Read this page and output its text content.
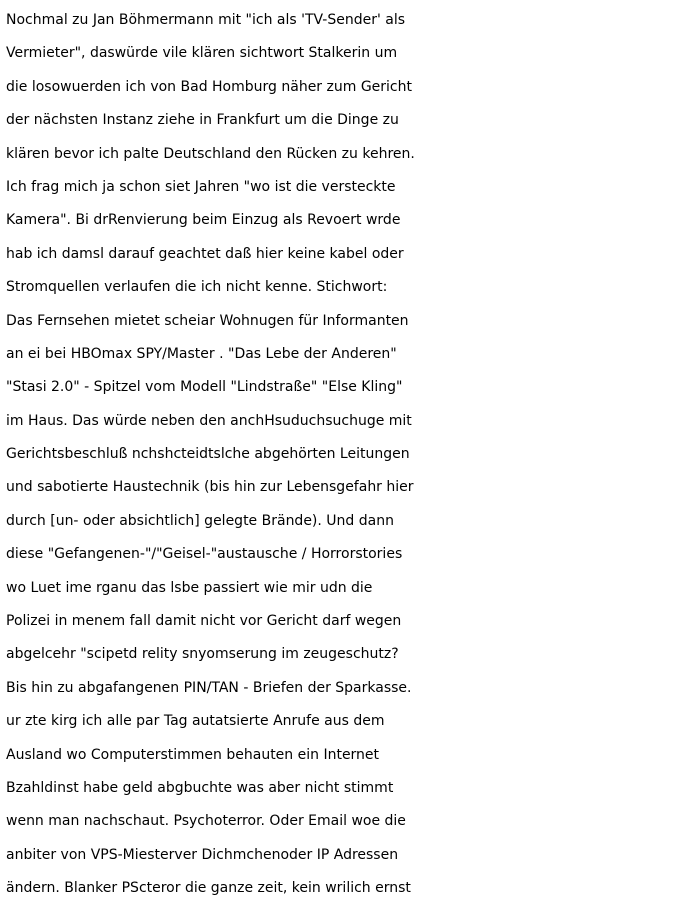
Nochmal zu Jan Böhmermann mit "ich als 'TV-Sender' als
Vermieter", daswürde vile klären sichtwort Stalkerin um
die losowuerden ich von Bad Homburg näher zum Gericht
der nächsten Instanz ziehe in Frankfurt um die Dinge zu
klären bevor ich palte Deutschland den Rücken zu kehren.
Ich frag mich ja schon siet Jahren "wo ist die versteckte
Kamera". Bi drRenvierung beim Einzug als Revoert wrde
hab ich damsl darauf geachtet daß hier keine kabel oder
Stromquellen verlaufen die ich nicht kenne. Stichwort:
Das Fernsehen mietet scheiar Wohnugen für Informanten
an ei bei HBOmax SPY/Master . "Das Lebe der Anderen"
"Stasi 2.0" - Spitzel vom Modell "Lindstraße" "Else Kling"
im Haus. Das würde neben den anchHsuduchsuchuge mit
Gerichtsbeschluß nchshcteidtslche abgehörten Leitungen
und sabotierte Haustechnik (bis hin zur Lebensgefahr hier
durch [un- oder absichtlich] gelegte Brände). Und dann
diese "Gefangenen-"/"Geisel-"austausche / Horrorstories
wo Luet ime rganu das lsbe passiert wie mir udn die
Polizei in menem fall damit nicht vor Gericht darf wegen
abgelcehr "scipetd relity snyomserung im zeugeschutz?
Bis hin zu abgafangenen PIN/TAN - Briefen der Sparkasse.
ur zte kirg ich alle par Tag autatsierte Anrufe aus dem
Ausland wo Computerstimmen behauten ein Internet
Bzahldinst habe geld abgbuchte was aber nicht stimmt
wenn man nachschaut. Psychoterror. Oder Email woe die
anbiter von VPS-Miesterver Dichmchenoder IP Adressen
ändern. Blanker PScteror die ganze zeit, kein wrilich ernst
